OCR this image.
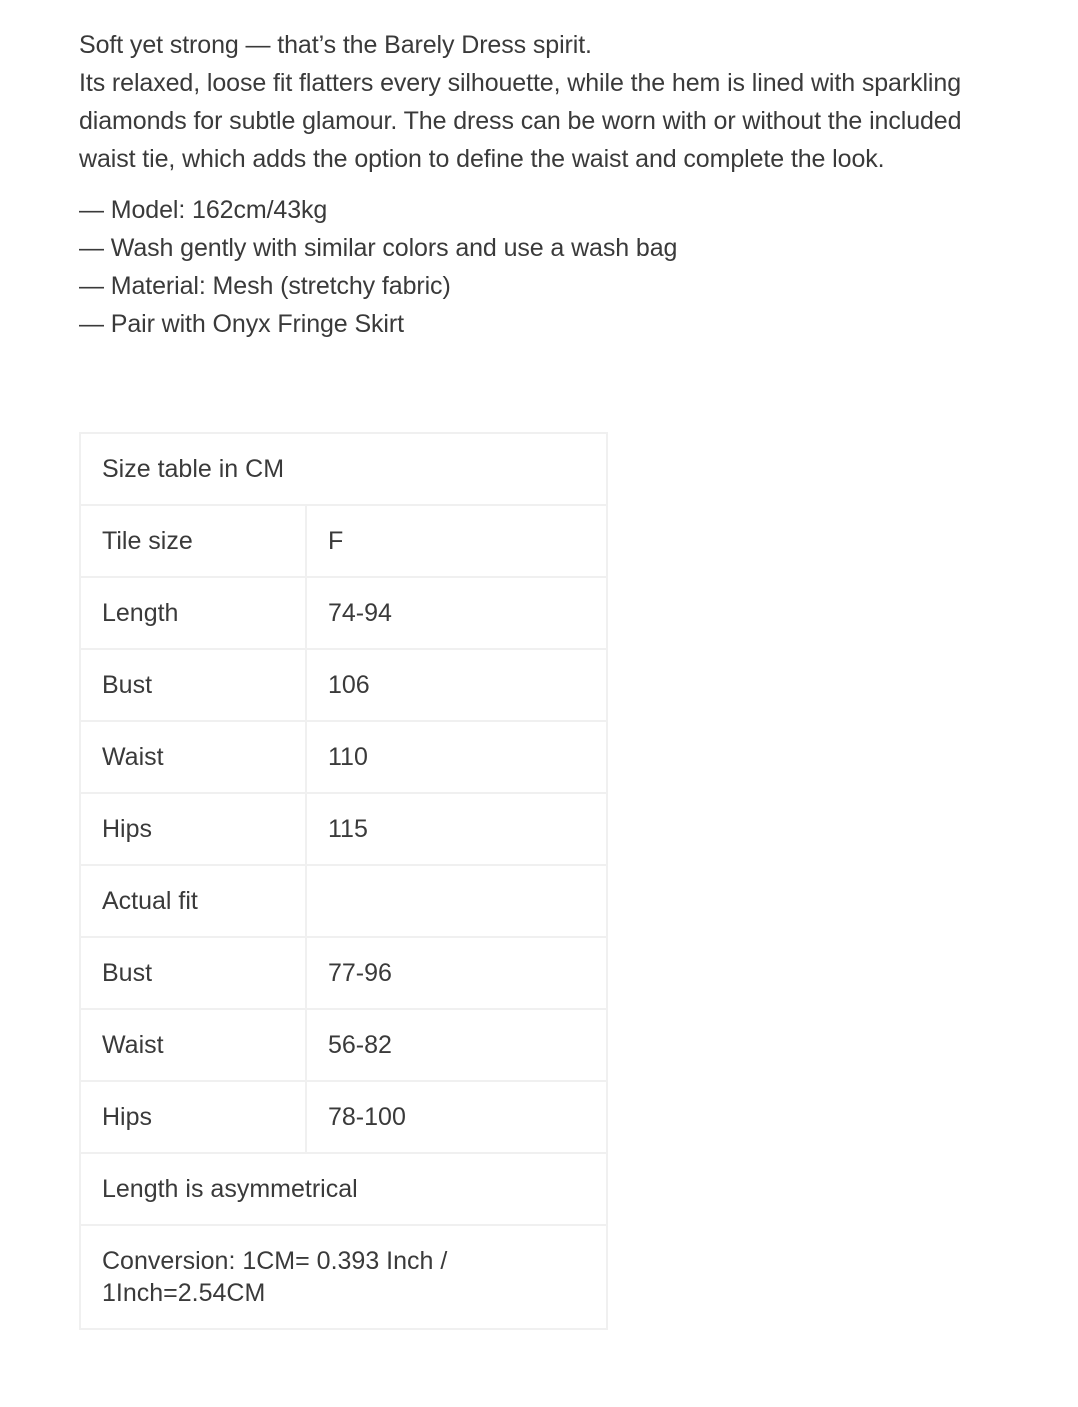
Soft yet strong — that’s the Barely Dress spirit.

Its relaxed, loose fit flatters every silhouette, while the hem is lined with sparkling

diamonds for subtle glamour. The dress can be worn with or without the included

waist tie, which adds the option to define the waist and complete the look.

— Model: 162cm/43kg
— Wash gently with similar colors and use a wash bag
— Material: Mesh (stretchy fabric)
— Pair with Onyx Fringe Skirt
Size table in CM	
Tile size	F
Length	74-94
Bust	106
Waist	110
Hips	115
Actual fit	
Bust	77-96
Waist	56-82
Hips	78-100
Length is asymmetrical	

Conversion: 1CM= 0.393 Inch / 1Inch=2.54CM	
